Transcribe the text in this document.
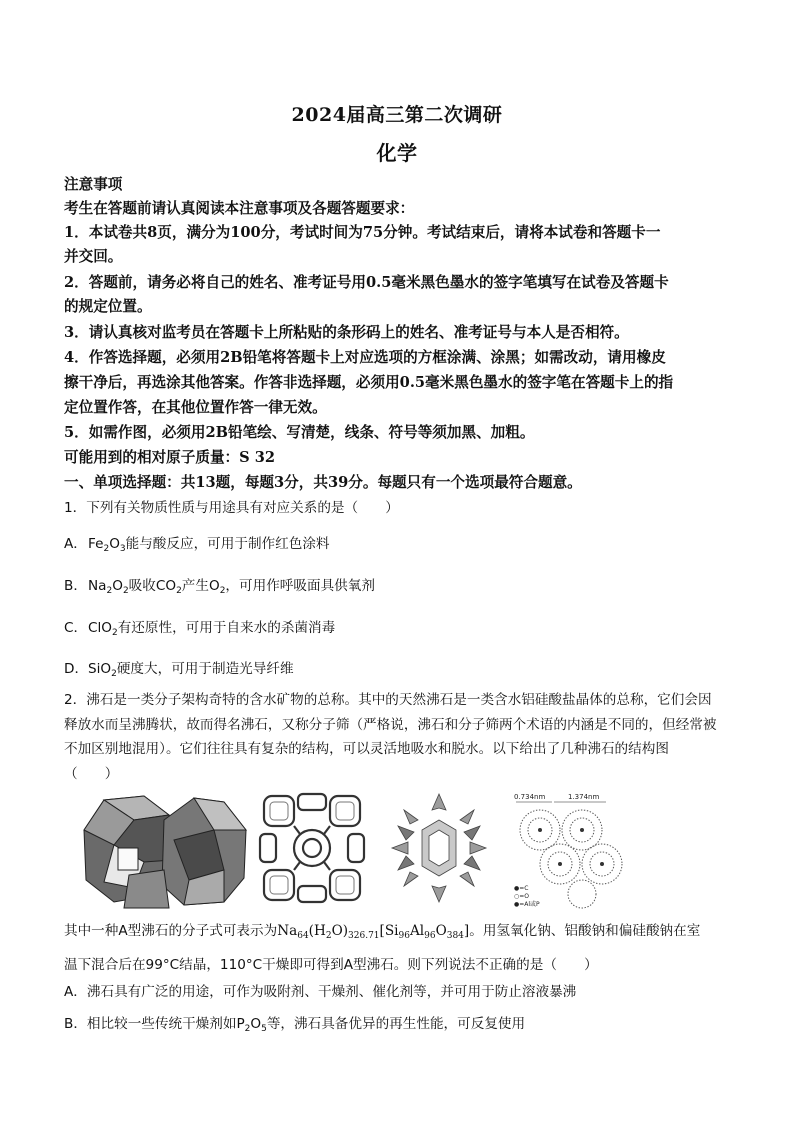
2024届高三第二次调研
化学
注意事项
考生在答题前请认真阅读本注意事项及各题答题要求：
1．本试卷共8页，满分为100分，考试时间为75分钟。考试结束后，请将本试卷和答题卡一
并交回。
2．答题前，请务必将自己的姓名、准考证号用0.5毫米黑色墨水的签字笔填写在试卷及答题卡
的规定位置。
3．请认真核对监考员在答题卡上所粘贴的条形码上的姓名、准考证号与本人是否相符。
4．作答选择题，必须用2B铅笔将答题卡上对应选项的方框涂满、涂黑；如需改动，请用橡皮
擦干净后，再选涂其他答案。作答非选择题，必须用0.5毫米黑色墨水的签字笔在答题卡上的指
定位置作答，在其他位置作答一律无效。
5．如需作图，必须用2B铅笔绘、写清楚，线条、符号等须加黑、加粗。
可能用到的相对原子质量：S 32
一、单项选择题：共13题，每题3分，共39分。每题只有一个选项最符合题意。
1．下列有关物质性质与用途具有对应关系的是（　　）
A．$Fe_2O_3$能与酸反应，可用于制作红色涂料
B．$Na_2O_2$吸收$CO_2$产生$O_2$，可用作呼吸面具供氧剂
C．ClO$_2$有还原性，可用于自来水的杀菌消毒
D．SiO$_2$硬度大，可用于制造光导纤维
2．沸石是一类分子架构奇特的含水矿物的总称。其中的天然沸石是一类含水铝硅酸盐晶体的总称，它们会因
释放水而呈沸腾状，故而得名沸石，又称分子筛（严格说，沸石和分子筛两个术语的内涵是不同的，但经常被
不加区别地混用）。它们往往具有复杂的结构，可以灵活地吸水和脱水。以下给出了几种沸石的结构图
（　　）
0.734nm	1.374nm
●=C
○=O
●=Al或P
其中一种A型沸石的分子式可表示为$Na_{64}(H_2O)_{326.71}[Si_{96}Al_{96}O_{384}]$。用氢氧化钠、铝酸钠和偏硅酸钠在室
温下混合后在99°C结晶，110°C干燥即可得到A型沸石。则下列说法不正确的是（　　）
A．沸石具有广泛的用途，可作为吸附剂、干燥剂、催化剂等，并可用于防止溶液暴沸
B．相比较一些传统干燥剂如$P_2O_5$等，沸石具备优异的再生性能，可反复使用
